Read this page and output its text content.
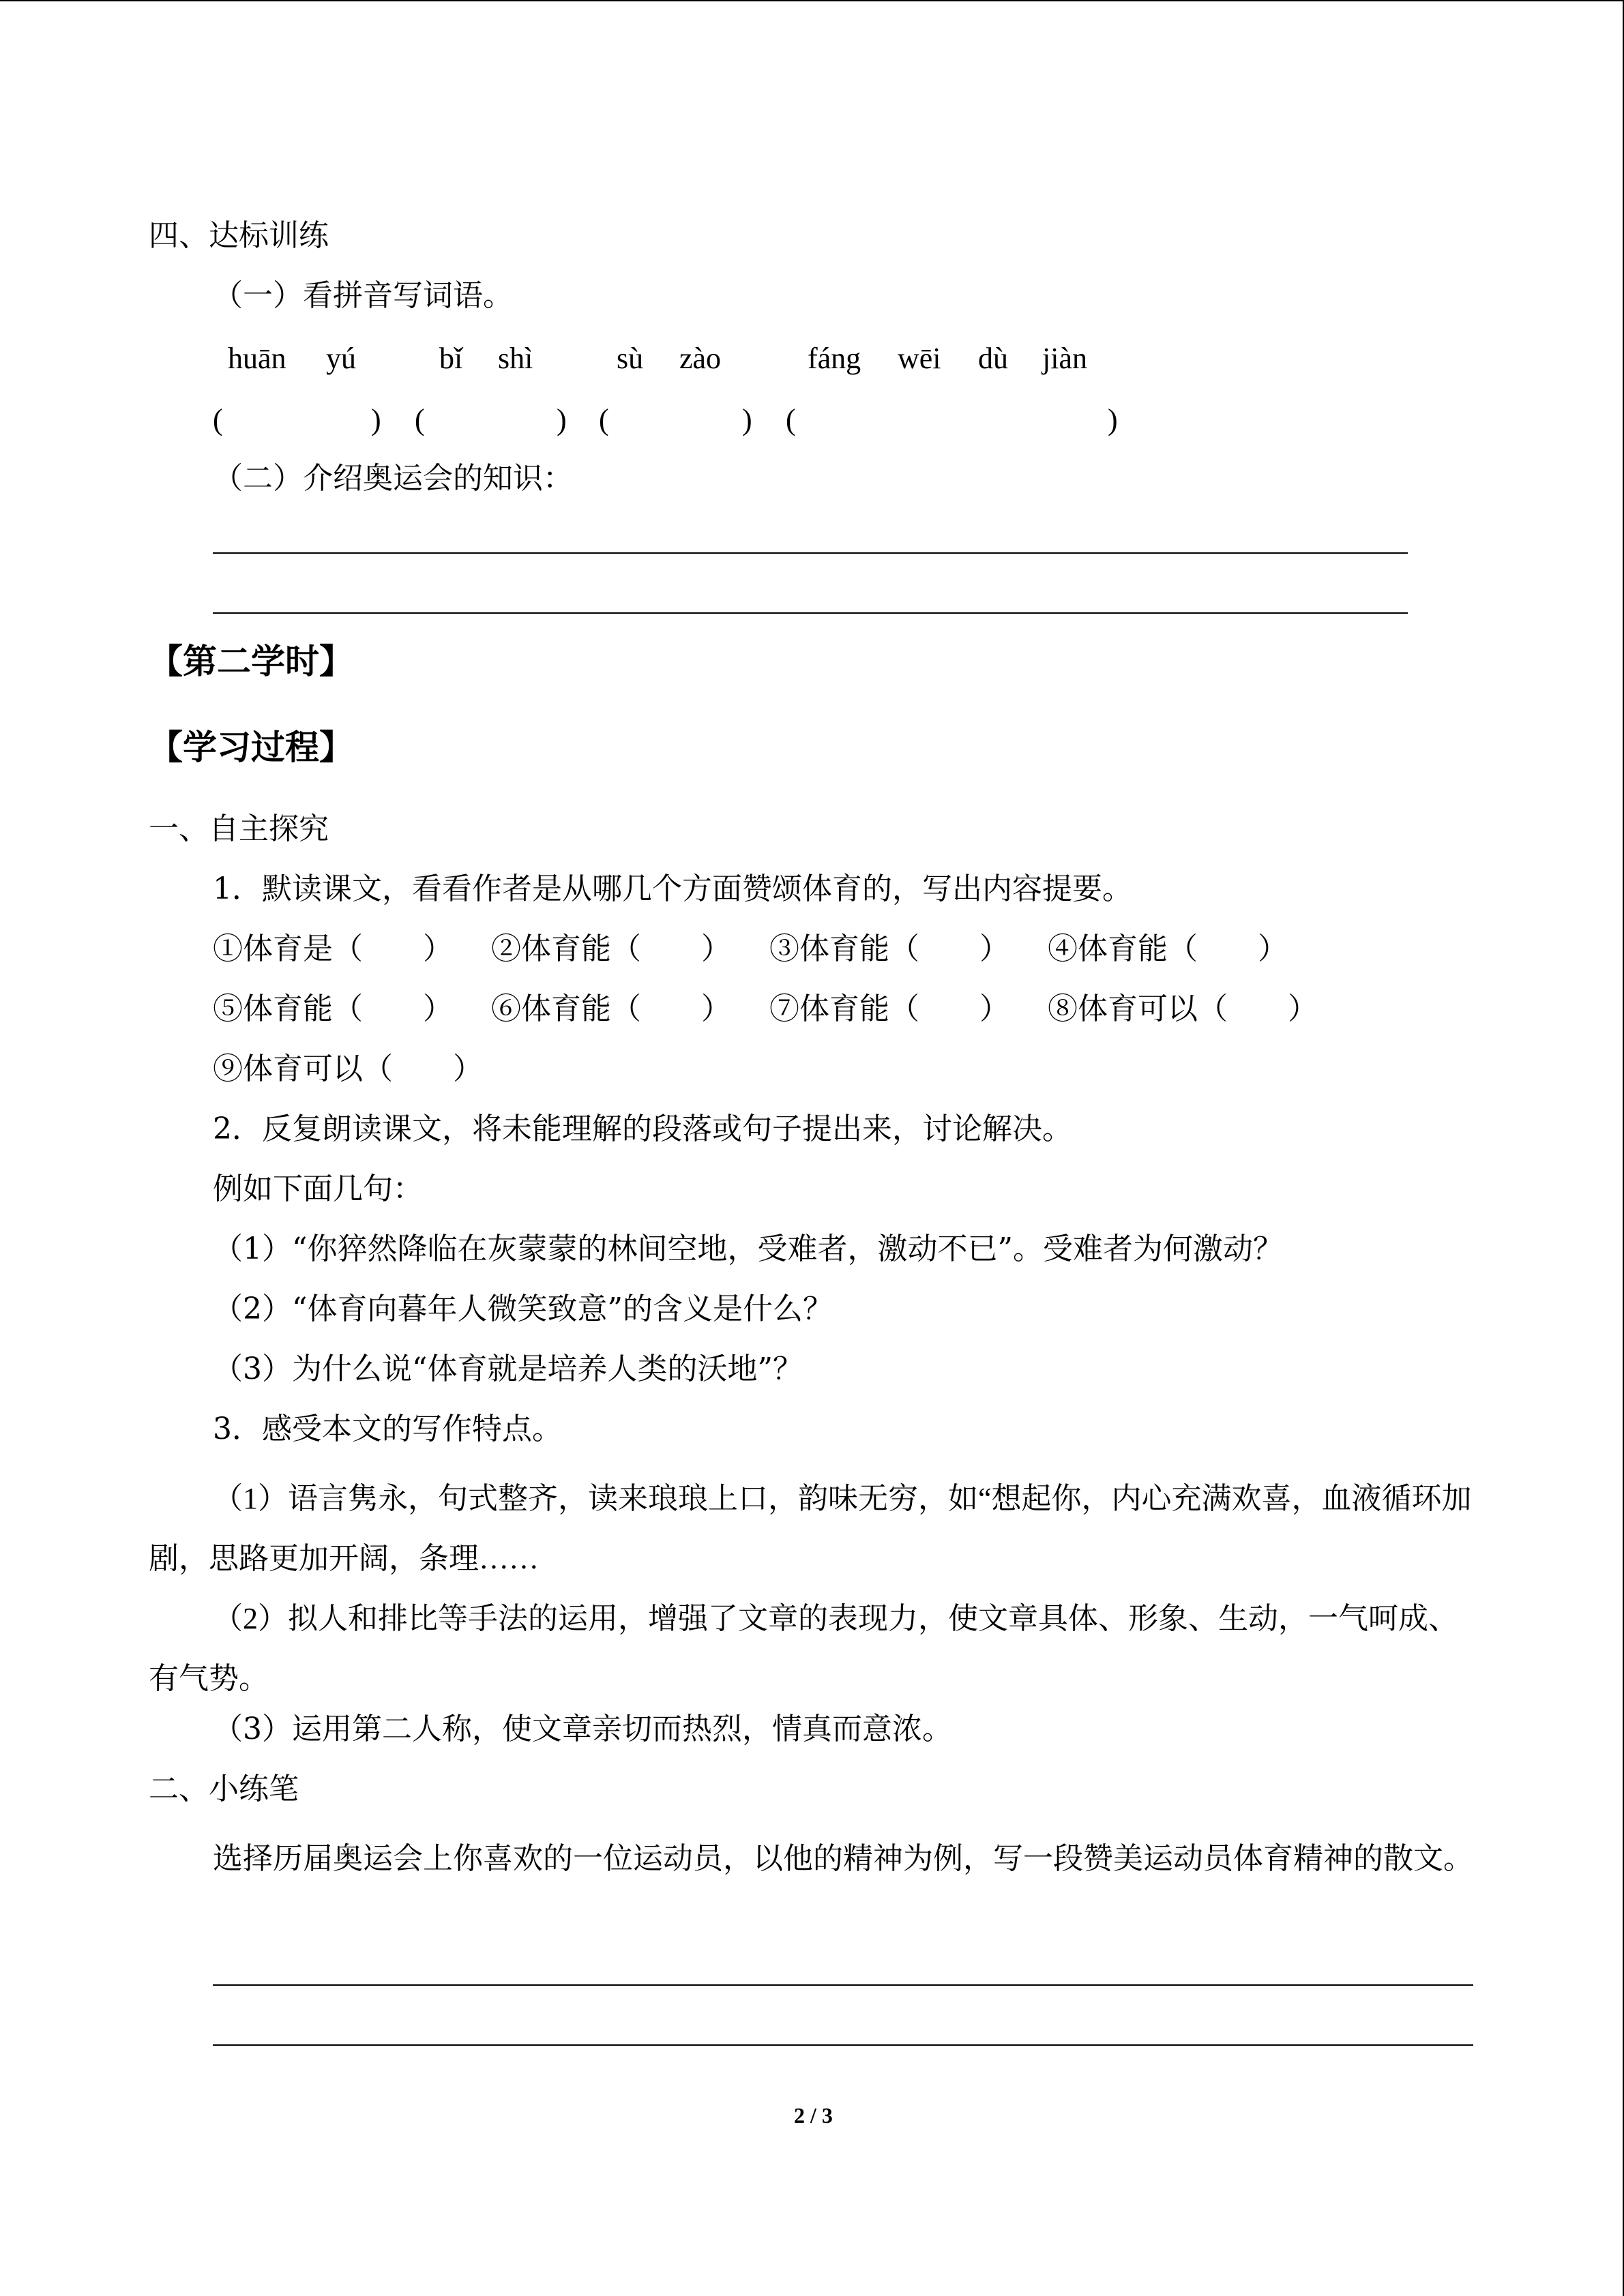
四、达标训练
（一）看拼音写词语。
huān yú	bǐ shì	sù zào	fáng wēi dù jiàn
(	) (	) (	) (	)
（二）介绍奥运会的知识：
【第二学时】
【学习过程】
一、自主探究
1．默读课文，看看作者是从哪几个方面赞颂体育的，写出内容提要。
①体育是（　　） ②体育能（　　） ③体育能（　　） ④体育能（　　）
⑤体育能（　　） ⑥体育能（　　） ⑦体育能（　　） ⑧体育可以（　　）
⑨体育可以（　　）
2．反复朗读课文，将未能理解的段落或句子提出来，讨论解决。
例如下面几句：
（1）“你猝然降临在灰蒙蒙的林间空地，受难者，激动不已”。受难者为何激动？
（2）“体育向暮年人微笑致意”的含义是什么？
（3）为什么说“体育就是培养人类的沃地”？
3．感受本文的写作特点。
（1）语言隽永，句式整齐，读来琅琅上口，韵味无穷，如“想起你，内心充满欢喜，血液循环加剧，思路更加开阔，条理……
（2）拟人和排比等手法的运用，增强了文章的表现力，使文章具体、形象、生动，一气呵成、有气势。
（3）运用第二人称，使文章亲切而热烈，情真而意浓。
二、小练笔
选择历届奥运会上你喜欢的一位运动员，以他的精神为例，写一段赞美运动员体育精神的散文。
2 / 3
